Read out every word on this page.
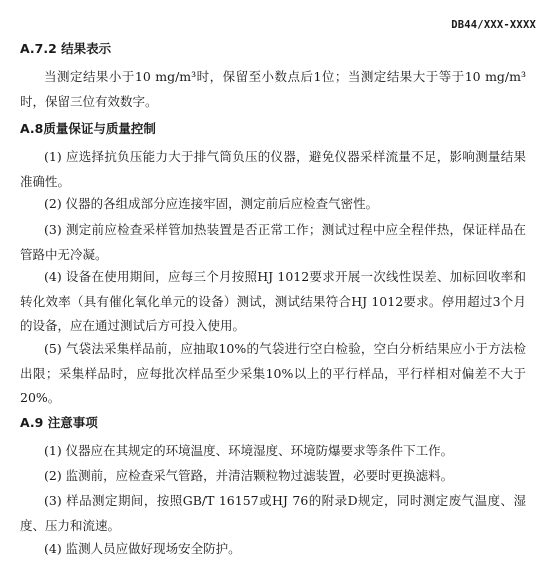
DB44/XXX-XXXX
A.7.2 结果表示

当测定结果小于10 mg/m³时，保留至小数点后1位；当测定结果大于等于10 mg/m³时，保留三位有效数字。

A.8质量保证与质量控制

(1) 应选择抗负压能力大于排气筒负压的仪器，避免仪器采样流量不足，影响测量结果准确性。

(2) 仪器的各组成部分应连接牢固，测定前后应检查气密性。

(3) 测定前应检查采样管加热装置是否正常工作；测试过程中应全程伴热，保证样品在管路中无冷凝。

(4) 设备在使用期间，应每三个月按照HJ 1012要求开展一次线性误差、加标回收率和转化效率（具有催化氧化单元的设备）测试，测试结果符合HJ 1012要求。停用超过3个月的设备，应在通过测试后方可投入使用。

(5) 气袋法采集样品前，应抽取10%的气袋进行空白检验，空白分析结果应小于方法检出限；采集样品时，应每批次样品至少采集10%以上的平行样品，平行样相对偏差不大于20%。

A.9 注意事项

(1) 仪器应在其规定的环境温度、环境湿度、环境防爆要求等条件下工作。

(2) 监测前，应检查采气管路，并清洁颗粒物过滤装置，必要时更换滤料。

(3) 样品测定期间，按照GB/T 16157或HJ 76的附录D规定，同时测定废气温度、湿度、压力和流速。

(4) 监测人员应做好现场安全防护。
